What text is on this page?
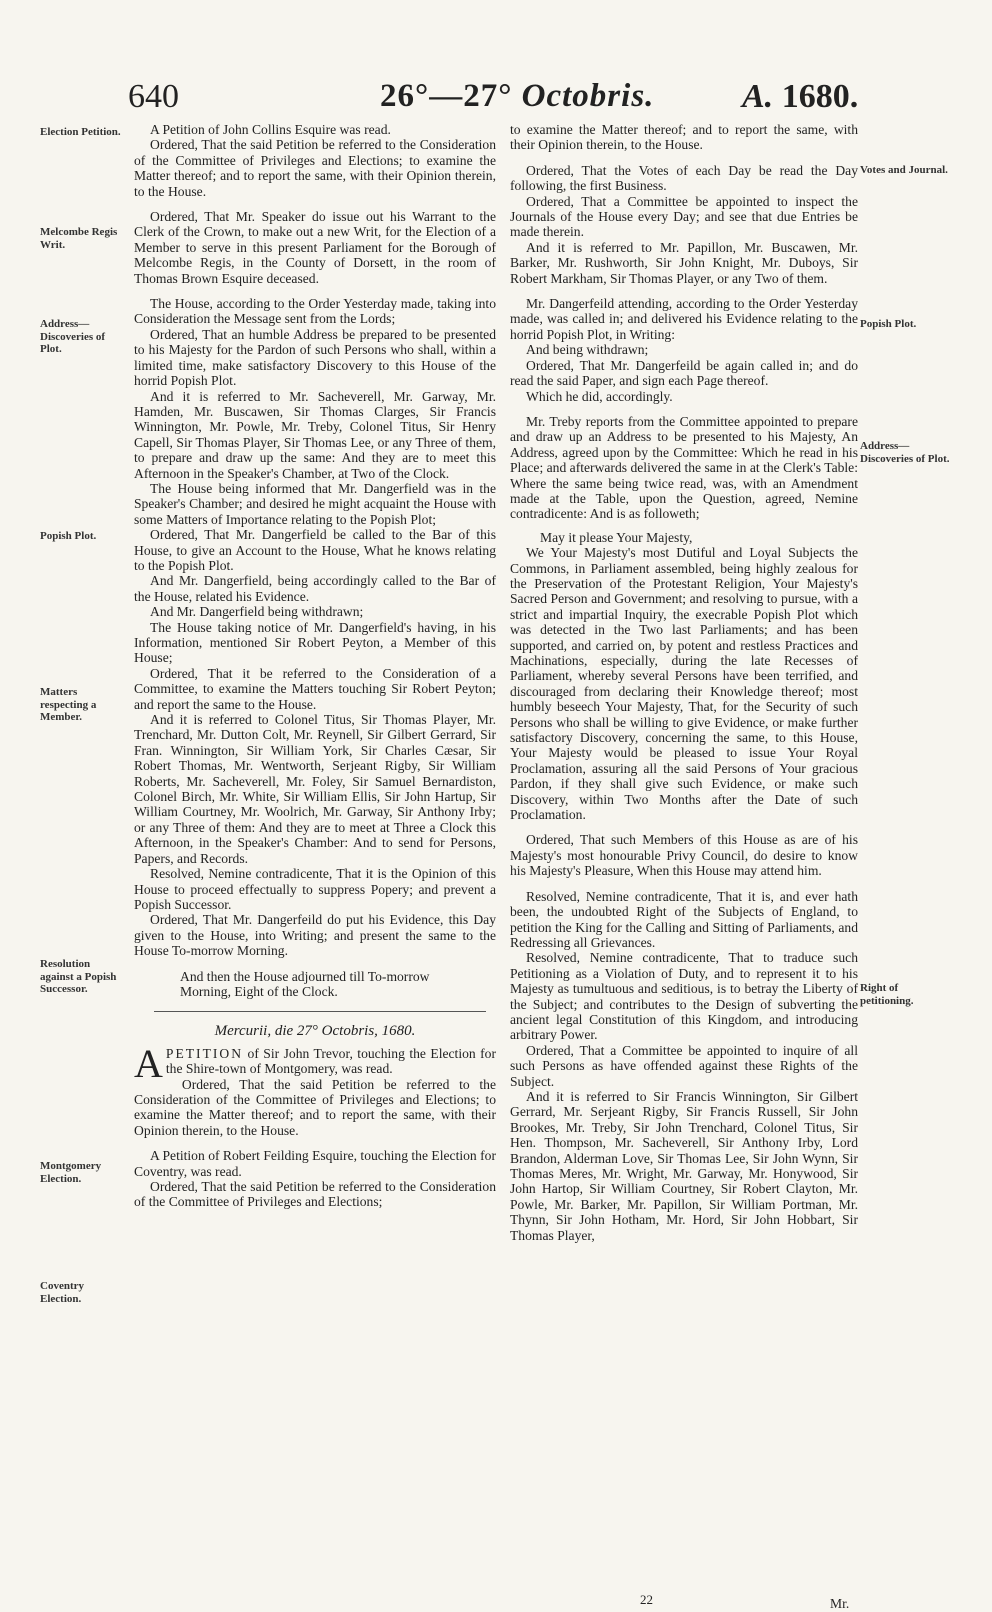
640	26°—27° Octobris.	A. 1680.
Election Petition.
Melcombe Regis Writ.
Address—Discoveries of Plot.
Popish Plot.
Matters respecting a Member.
Resolution against a Popish Successor.
Montgomery Election.
Coventry Election.
Votes and Journal.
Popish Plot.
Address—Discoveries of Plot.
Right of petitioning.

A Petition of John Collins Esquire was read.

Ordered, That the said Petition be referred to the Consideration of the Committee of Privileges and Elections; to examine the Matter thereof; and to report the same, with their Opinion therein, to the House.

Ordered, That Mr. Speaker do issue out his Warrant to the Clerk of the Crown, to make out a new Writ, for the Election of a Member to serve in this present Parliament for the Borough of Melcombe Regis, in the County of Dorsett, in the room of Thomas Brown Esquire deceased.

The House, according to the Order Yesterday made, taking into Consideration the Message sent from the Lords;

Ordered, That an humble Address be prepared to be presented to his Majesty for the Pardon of such Persons who shall, within a limited time, make satisfactory Discovery to this House of the horrid Popish Plot.

And it is referred to Mr. Sacheverell, Mr. Garway, Mr. Hamden, Mr. Buscawen, Sir Thomas Clarges, Sir Francis Winnington, Mr. Powle, Mr. Treby, Colonel Titus, Sir Henry Capell, Sir Thomas Player, Sir Thomas Lee, or any Three of them, to prepare and draw up the same: And they are to meet this Afternoon in the Speaker's Chamber, at Two of the Clock.

The House being informed that Mr. Dangerfield was in the Speaker's Chamber; and desired he might acquaint the House with some Matters of Importance relating to the Popish Plot;

Ordered, That Mr. Dangerfield be called to the Bar of this House, to give an Account to the House, What he knows relating to the Popish Plot.

And Mr. Dangerfield, being accordingly called to the Bar of the House, related his Evidence.

And Mr. Dangerfield being withdrawn;

The House taking notice of Mr. Dangerfield's having, in his Information, mentioned Sir Robert Peyton, a Member of this House;

Ordered, That it be referred to the Consideration of a Committee, to examine the Matters touching Sir Robert Peyton; and report the same to the House.

And it is referred to Colonel Titus, Sir Thomas Player, Mr. Trenchard, Mr. Dutton Colt, Mr. Reynell, Sir Gilbert Gerrard, Sir Fran. Winnington, Sir William York, Sir Charles Cæsar, Sir Robert Thomas, Mr. Wentworth, Serjeant Rigby, Sir William Roberts, Mr. Sacheverell, Mr. Foley, Sir Samuel Bernardiston, Colonel Birch, Mr. White, Sir William Ellis, Sir John Hartup, Sir William Courtney, Mr. Woolrich, Mr. Garway, Sir Anthony Irby; or any Three of them: And they are to meet at Three a Clock this Afternoon, in the Speaker's Chamber: And to send for Persons, Papers, and Records.

Resolved, Nemine contradicente, That it is the Opinion of this House to proceed effectually to suppress Popery; and prevent a Popish Successor.

Ordered, That Mr. Dangerfeild do put his Evidence, this Day given to the House, into Writing; and present the same to the House To-morrow Morning.

And then the House adjourned till To-morrow Morning, Eight of the Clock.

Mercurii, die 27° Octobris, 1680.

APETITION of Sir John Trevor, touching the Election for the Shire-town of Montgomery, was read.

Ordered, That the said Petition be referred to the Consideration of the Committee of Privileges and Elections; to examine the Matter thereof; and to report the same, with their Opinion therein, to the House.

A Petition of Robert Feilding Esquire, touching the Election for Coventry, was read.

Ordered, That the said Petition be referred to the Consideration of the Committee of Privileges and Elections;

to examine the Matter thereof; and to report the same, with their Opinion therein, to the House.

Ordered, That the Votes of each Day be read the Day following, the first Business.

Ordered, That a Committee be appointed to inspect the Journals of the House every Day; and see that due Entries be made therein.

And it is referred to Mr. Papillon, Mr. Buscawen, Mr. Barker, Mr. Rushworth, Sir John Knight, Mr. Duboys, Sir Robert Markham, Sir Thomas Player, or any Two of them.

Mr. Dangerfeild attending, according to the Order Yesterday made, was called in; and delivered his Evidence relating to the horrid Popish Plot, in Writing:

And being withdrawn;

Ordered, That Mr. Dangerfeild be again called in; and do read the said Paper, and sign each Page thereof.

Which he did, accordingly.

Mr. Treby reports from the Committee appointed to prepare and draw up an Address to be presented to his Majesty, An Address, agreed upon by the Committee: Which he read in his Place; and afterwards delivered the same in at the Clerk's Table: Where the same being twice read, was, with an Amendment made at the Table, upon the Question, agreed, Nemine contradicente: And is as followeth;

May it please Your Majesty,

We Your Majesty's most Dutiful and Loyal Subjects the Commons, in Parliament assembled, being highly zealous for the Preservation of the Protestant Religion, Your Majesty's Sacred Person and Government; and resolving to pursue, with a strict and impartial Inquiry, the execrable Popish Plot which was detected in the Two last Parliaments; and has been supported, and carried on, by potent and restless Practices and Machinations, especially, during the late Recesses of Parliament, whereby several Persons have been terrified, and discouraged from declaring their Knowledge thereof; most humbly beseech Your Majesty, That, for the Security of such Persons who shall be willing to give Evidence, or make further satisfactory Discovery, concerning the same, to this House, Your Majesty would be pleased to issue Your Royal Proclamation, assuring all the said Persons of Your gracious Pardon, if they shall give such Evidence, or make such Discovery, within Two Months after the Date of such Proclamation.

Ordered, That such Members of this House as are of his Majesty's most honourable Privy Council, do desire to know his Majesty's Pleasure, When this House may attend him.

Resolved, Nemine contradicente, That it is, and ever hath been, the undoubted Right of the Subjects of England, to petition the King for the Calling and Sitting of Parliaments, and Redressing all Grievances.

Resolved, Nemine contradicente, That to traduce such Petitioning as a Violation of Duty, and to represent it to his Majesty as tumultuous and seditious, is to betray the Liberty of the Subject; and contributes to the Design of subverting the ancient legal Constitution of this Kingdom, and introducing arbitrary Power.

Ordered, That a Committee be appointed to inquire of all such Persons as have offended against these Rights of the Subject.

And it is referred to Sir Francis Winnington, Sir Gilbert Gerrard, Mr. Serjeant Rigby, Sir Francis Russell, Sir John Brookes, Mr. Treby, Sir John Trenchard, Colonel Titus, Sir Hen. Thompson, Mr. Sacheverell, Sir Anthony Irby, Lord Brandon, Alderman Love, Sir Thomas Lee, Sir John Wynn, Sir Thomas Meres, Mr. Wright, Mr. Garway, Mr. Honywood, Sir John Hartop, Sir William Courtney, Sir Robert Clayton, Mr. Powle, Mr. Barker, Mr. Papillon, Sir William Portman, Mr. Thynn, Sir John Hotham, Mr. Hord, Sir John Hobbart, Sir Thomas Player,

22	Mr.
